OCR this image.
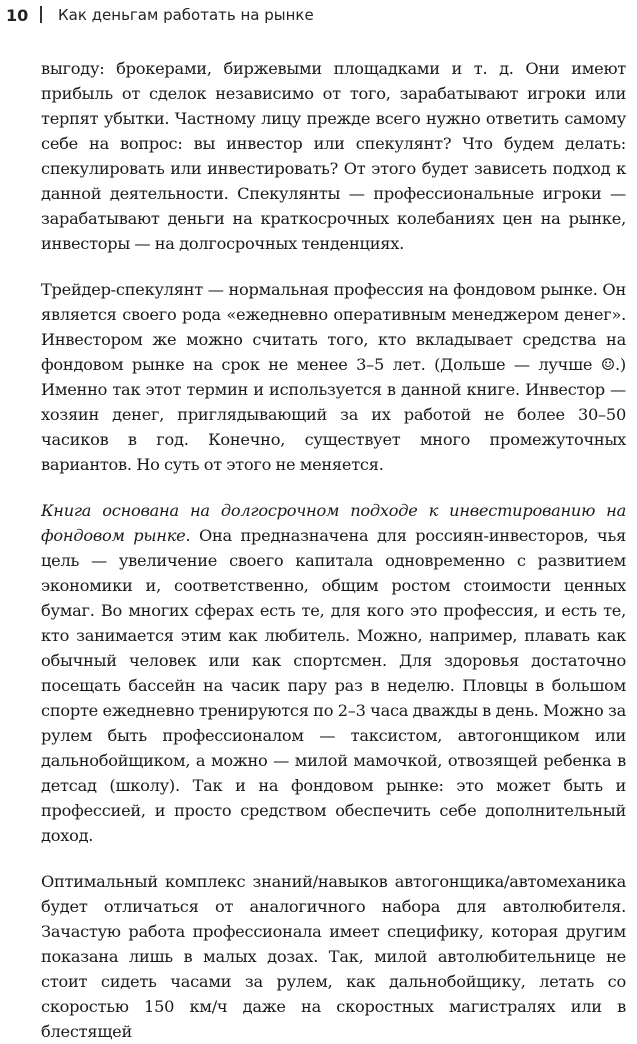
10 Как деньгам работать на рынке

выгоду: брокерами, биржевыми площадками и т. д. Они имеют прибыль от сделок независимо от того, зарабатывают игроки или терпят убытки. Частному лицу прежде всего нужно ответить самому себе на вопрос: вы инвестор или спекулянт? Что будем делать: спекулировать или инвестировать? От этого будет зависеть подход к данной деятельности. Спекулянты — профессиональные игроки — зарабатывают деньги на краткосрочных колебаниях цен на рынке, инвесторы — на долгосрочных тенденциях.

Трейдер-спекулянт — нормальная профессия на фондовом рынке. Он является своего рода «ежедневно оперативным менеджером денег». Инвестором же можно считать того, кто вкладывает средства на фондовом рынке на срок не менее 3–5 лет. (Дольше — лучше ☺.) Именно так этот термин и используется в данной книге. Инвестор — хозяин денег, приглядывающий за их работой не более 30–50 часиков в год. Конечно, существует много промежуточных вариантов. Но суть от этого не меняется.

Книга основана на долгосрочном подходе к инвестированию на фондовом рынке. Она предназначена для россиян-инвесторов, чья цель — увеличение своего капитала одновременно с развитием экономики и, соответственно, общим ростом стоимости ценных бумаг. Во многих сферах есть те, для кого это профессия, и есть те, кто занимается этим как любитель. Можно, например, плавать как обычный человек или как спортсмен. Для здоровья достаточно посещать бассейн на часик пару раз в неделю. Пловцы в большом спорте ежедневно тренируются по 2–3 часа дважды в день. Можно за рулем быть профессионалом — таксистом, автогонщиком или дальнобойщиком, а можно — милой мамочкой, отвозящей ребенка в детсад (школу). Так и на фондовом рынке: это может быть и профессией, и просто средством обеспечить себе дополнительный доход.

Оптимальный комплекс знаний/навыков автогонщика/автомеханика будет отличаться от аналогичного набора для автолюбителя. Зачастую работа профессионала имеет специфику, которая другим показана лишь в малых дозах. Так, милой автолюбительнице не стоит сидеть часами за рулем, как дальнобойщику, летать со скоростью 150 км/ч даже на скоростных магистралях или в блестящей
